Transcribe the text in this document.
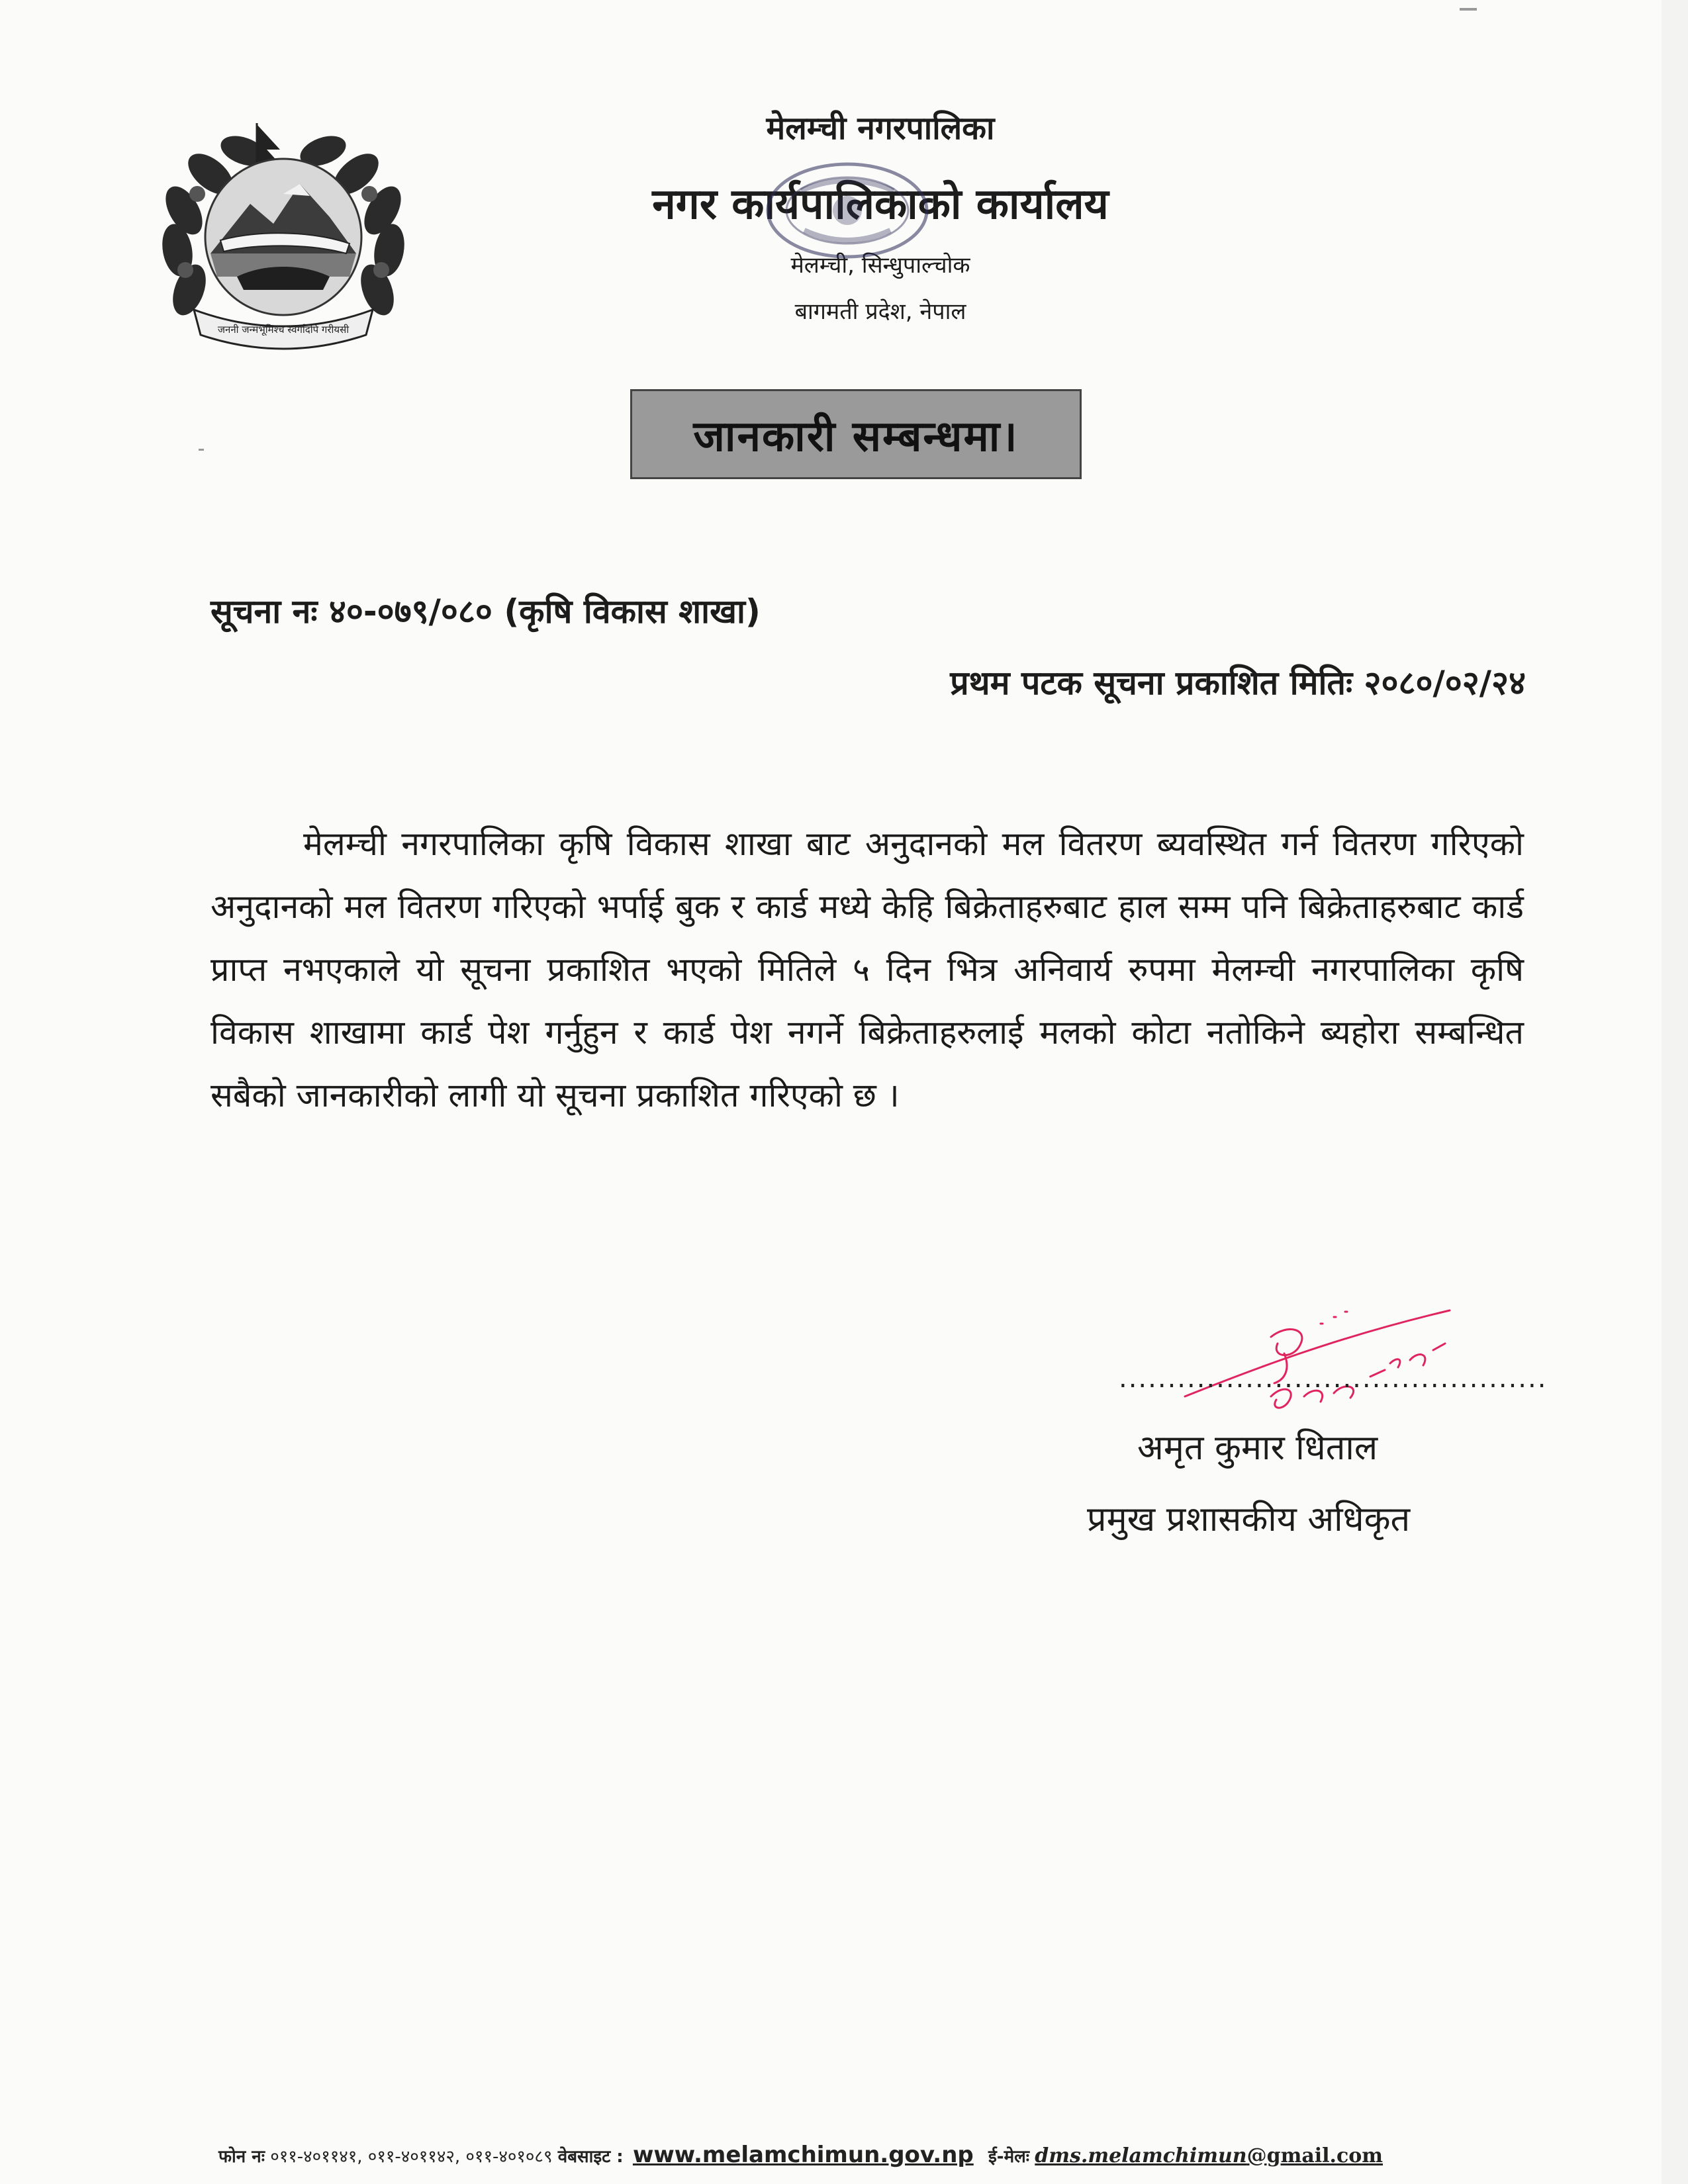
जननी जन्मभूमिश्च स्वर्गादपि गरीयसी
मेलम्ची नगरपालिका
नगर कार्यपालिकाको कार्यालय
मेलम्ची, सिन्धुपाल्चोक
बागमती प्रदेश, नेपाल
जानकारी सम्बन्धमा।
सूचना नः ४०-०७९/०८० (कृषि विकास शाखा)
प्रथम पटक सूचना प्रकाशित मितिः २०८०/०२/२४
मेलम्ची नगरपालिका कृषि विकास शाखा बाट अनुदानको मल वितरण ब्यवस्थित गर्न वितरण गरिएको अनुदानको मल वितरण गरिएको भर्पाई बुक र कार्ड मध्ये केहि बिक्रेताहरुबाट हाल सम्म पनि बिक्रेताहरुबाट कार्ड प्राप्त नभएकाले यो सूचना प्रकाशित भएको मितिले ५ दिन भित्र अनिवार्य रुपमा मेलम्ची नगरपालिका कृषि विकास शाखामा कार्ड पेश गर्नुहुन र कार्ड पेश नगर्ने बिक्रेताहरुलाई मलको कोटा नतोकिने ब्यहोरा सम्बन्धित सबैको जानकारीको लागी यो सूचना प्रकाशित गरिएको छ ।
............................................
अमृत कुमार धिताल
प्रमुख प्रशासकीय अधिकृत
फोन नः ०११-४०११४१, ०११-४०११४२, ०११-४०१०८९ वेबसाइट : www.melamchimun.gov.np ई-मेलः dms.melamchimun@gmail.com
